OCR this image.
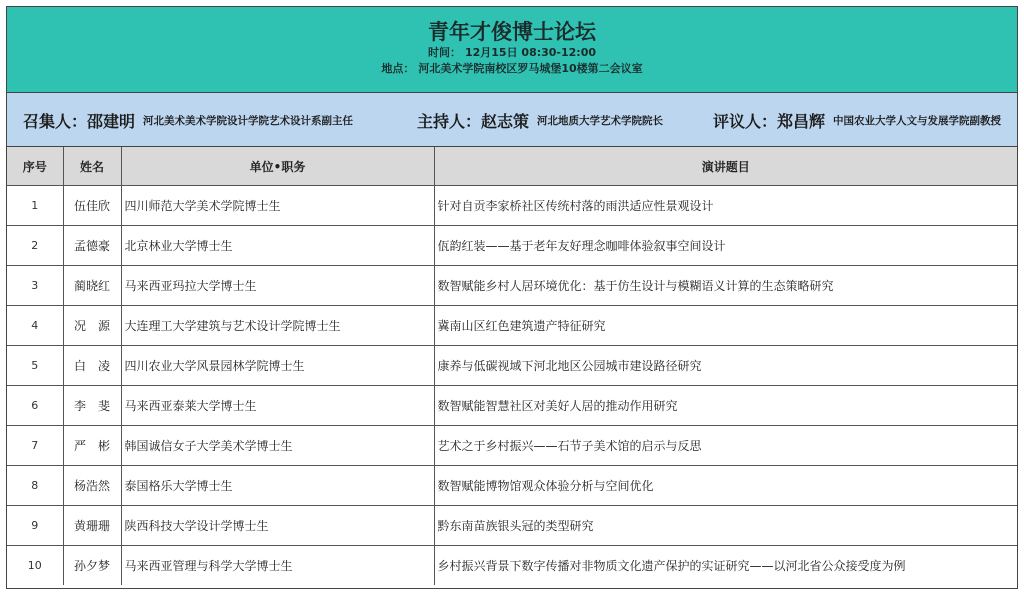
青年才俊博士论坛
时间： 12月15日 08:30-12:00
地点： 河北美术学院南校区罗马城堡10楼第二会议室
召集人： 邵建明 河北美术美术学院设计学院艺术设计系副主任	主持人： 赵志策 河北地质大学艺术学院院长	评议人： 郑昌辉 中国农业大学人文与发展学院副教授
序号	姓名	单位•职务	演讲题目
1	伍佳欣	四川师范大学美术学院博士生	针对自贡李家桥社区传统村落的雨洪适应性景观设计
2	孟德豪	北京林业大学博士生	佤韵红装——基于老年友好理念咖啡体验叙事空间设计
3	蔺晓红	马来西亚玛拉大学博士生	数智赋能乡村人居环境优化：基于仿生设计与模糊语义计算的生态策略研究
4	况　源	大连理工大学建筑与艺术设计学院博士生	冀南山区红色建筑遗产特征研究
5	白　凌	四川农业大学风景园林学院博士生	康养与低碳视域下河北地区公园城市建设路径研究
6	李　斐	马来西亚泰莱大学博士生	数智赋能智慧社区对美好人居的推动作用研究
7	严　彬	韩国诚信女子大学美术学博士生	艺术之于乡村振兴——石节子美术馆的启示与反思
8	杨浩然	泰国格乐大学博士生	数智赋能博物馆观众体验分析与空间优化
9	黄珊珊	陕西科技大学设计学博士生	黔东南苗族银头冠的类型研究
10	孙夕梦	马来西亚管理与科学大学博士生	乡村振兴背景下数字传播对非物质文化遗产保护的实证研究——以河北省公众接受度为例
